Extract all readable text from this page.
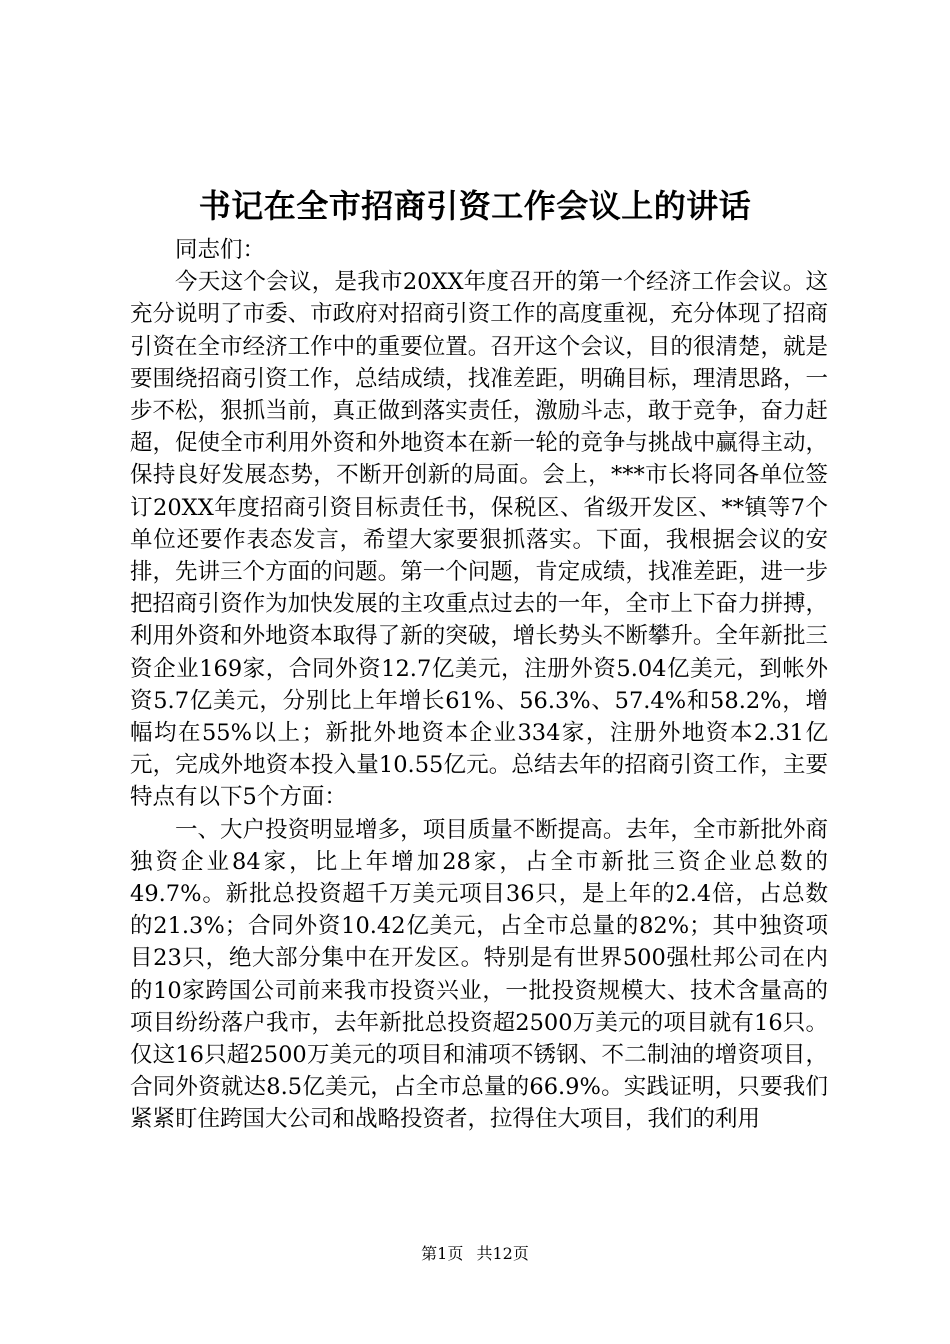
书记在全市招商引资工作会议上的讲话

同志们：

今天这个会议，是我市20XX年度召开的第一个经济工作会议。这充分说明了市委、市政府对招商引资工作的高度重视，充分体现了招商引资在全市经济工作中的重要位置。召开这个会议，目的很清楚，就是要围绕招商引资工作，总结成绩，找准差距，明确目标，理清思路，一步不松，狠抓当前，真正做到落实责任，激励斗志，敢于竞争，奋力赶超，促使全市利用外资和外地资本在新一轮的竞争与挑战中赢得主动，保持良好发展态势，不断开创新的局面。会上，***市长将同各单位签订20XX年度招商引资目标责任书，保税区、省级开发区、**镇等7个单位还要作表态发言，希望大家要狠抓落实。下面，我根据会议的安排，先讲三个方面的问题。第一个问题，肯定成绩，找准差距，进一步把招商引资作为加快发展的主攻重点过去的一年，全市上下奋力拼搏，利用外资和外地资本取得了新的突破，增长势头不断攀升。全年新批三资企业169家，合同外资12.7亿美元，注册外资5.04亿美元，到帐外资5.7亿美元，分别比上年增长61%、56.3%、57.4%和58.2%，增幅均在55%以上；新批外地资本企业334家，注册外地资本2.31亿元，完成外地资本投入量10.55亿元。总结去年的招商引资工作，主要特点有以下5个方面：

一、大户投资明显增多，项目质量不断提高。去年，全市新批外商独资企业84家，比上年增加28家，占全市新批三资企业总数的49.7%。新批总投资超千万美元项目36只，是上年的2.4倍，占总数的21.3%；合同外资10.42亿美元，占全市总量的82%；其中独资项目23只，绝大部分集中在开发区。特别是有世界500强杜邦公司在内的10家跨国公司前来我市投资兴业，一批投资规模大、技术含量高的项目纷纷落户我市，去年新批总投资超2500万美元的项目就有16只。仅这16只超2500万美元的项目和浦项不锈钢、不二制油的增资项目，合同外资就达8.5亿美元，占全市总量的66.9%。实践证明，只要我们紧紧盯住跨国大公司和战略投资者，拉得住大项目，我们的利用

第1页 共12页
